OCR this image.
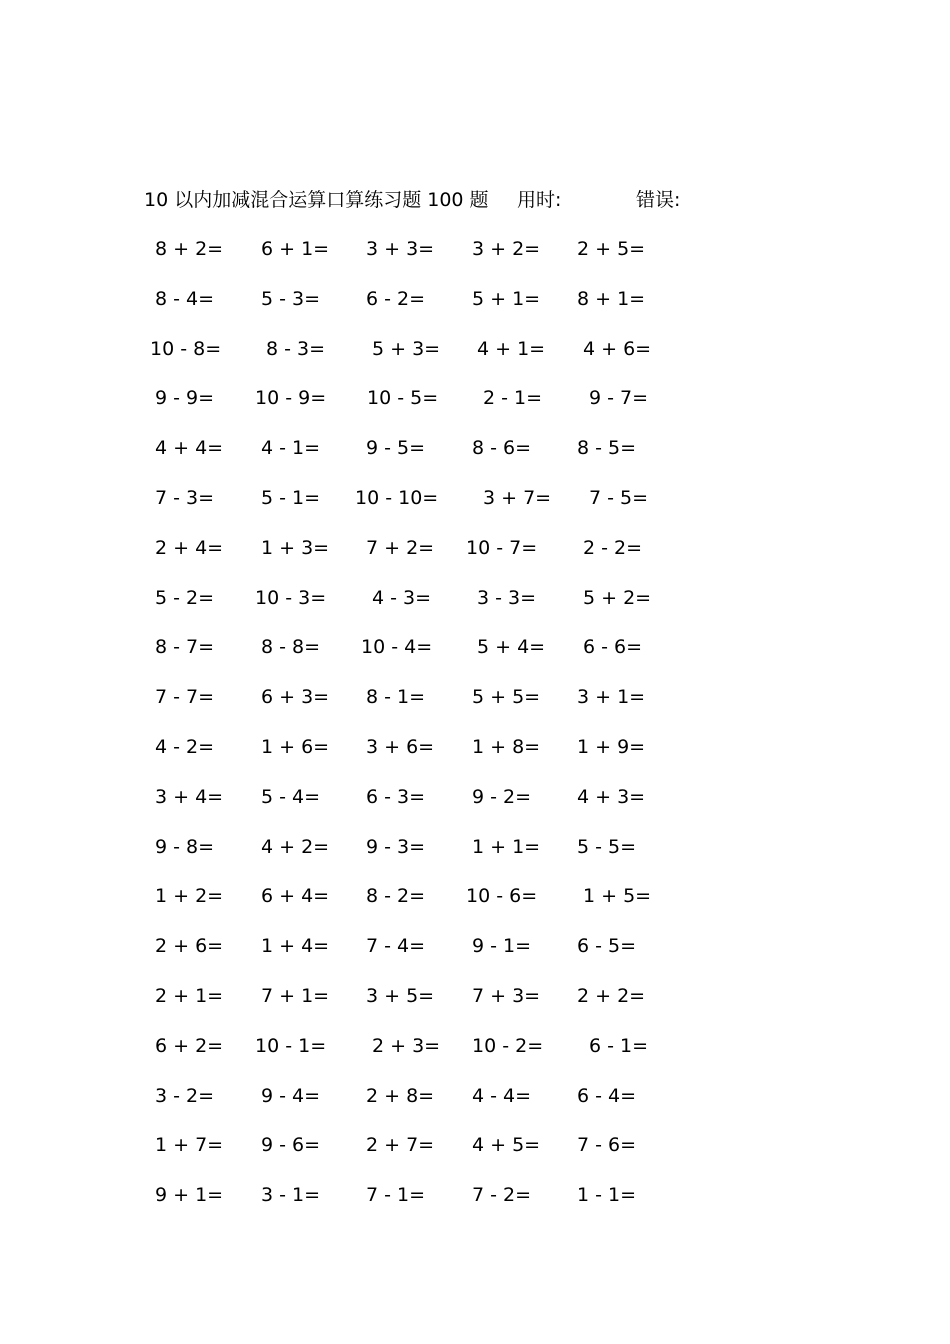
10 以内加减混合运算口算练习题 100 题 用时:	错误:
8 + 2= 6 + 1= 3 + 3= 3 + 2= 2 + 5=
8 - 4= 5 - 3= 6 - 2= 5 + 1= 8 + 1=
10 - 8= 8 - 3= 5 + 3= 4 + 1= 4 + 6=
9 - 9= 10 - 9= 10 - 5= 2 - 1= 9 - 7=
4 + 4= 4 - 1= 9 - 5= 8 - 6= 8 - 5=
7 - 3= 5 - 1= 10 - 10= 3 + 7= 7 - 5=
2 + 4= 1 + 3= 7 + 2= 10 - 7= 2 - 2=
5 - 2= 10 - 3= 4 - 3= 3 - 3= 5 + 2=
8 - 7= 8 - 8= 10 - 4= 5 + 4= 6 - 6=
7 - 7= 6 + 3= 8 - 1= 5 + 5= 3 + 1=
4 - 2= 1 + 6= 3 + 6= 1 + 8= 1 + 9=
3 + 4= 5 - 4= 6 - 3= 9 - 2= 4 + 3=
9 - 8= 4 + 2= 9 - 3= 1 + 1= 5 - 5=
1 + 2= 6 + 4= 8 - 2= 10 - 6= 1 + 5=
2 + 6= 1 + 4= 7 - 4= 9 - 1= 6 - 5=
2 + 1= 7 + 1= 3 + 5= 7 + 3= 2 + 2=
6 + 2= 10 - 1= 2 + 3= 10 - 2= 6 - 1=
3 - 2= 9 - 4= 2 + 8= 4 - 4= 6 - 4=
1 + 7= 9 - 6= 2 + 7= 4 + 5= 7 - 6=
9 + 1= 3 - 1= 7 - 1= 7 - 2= 1 - 1=
